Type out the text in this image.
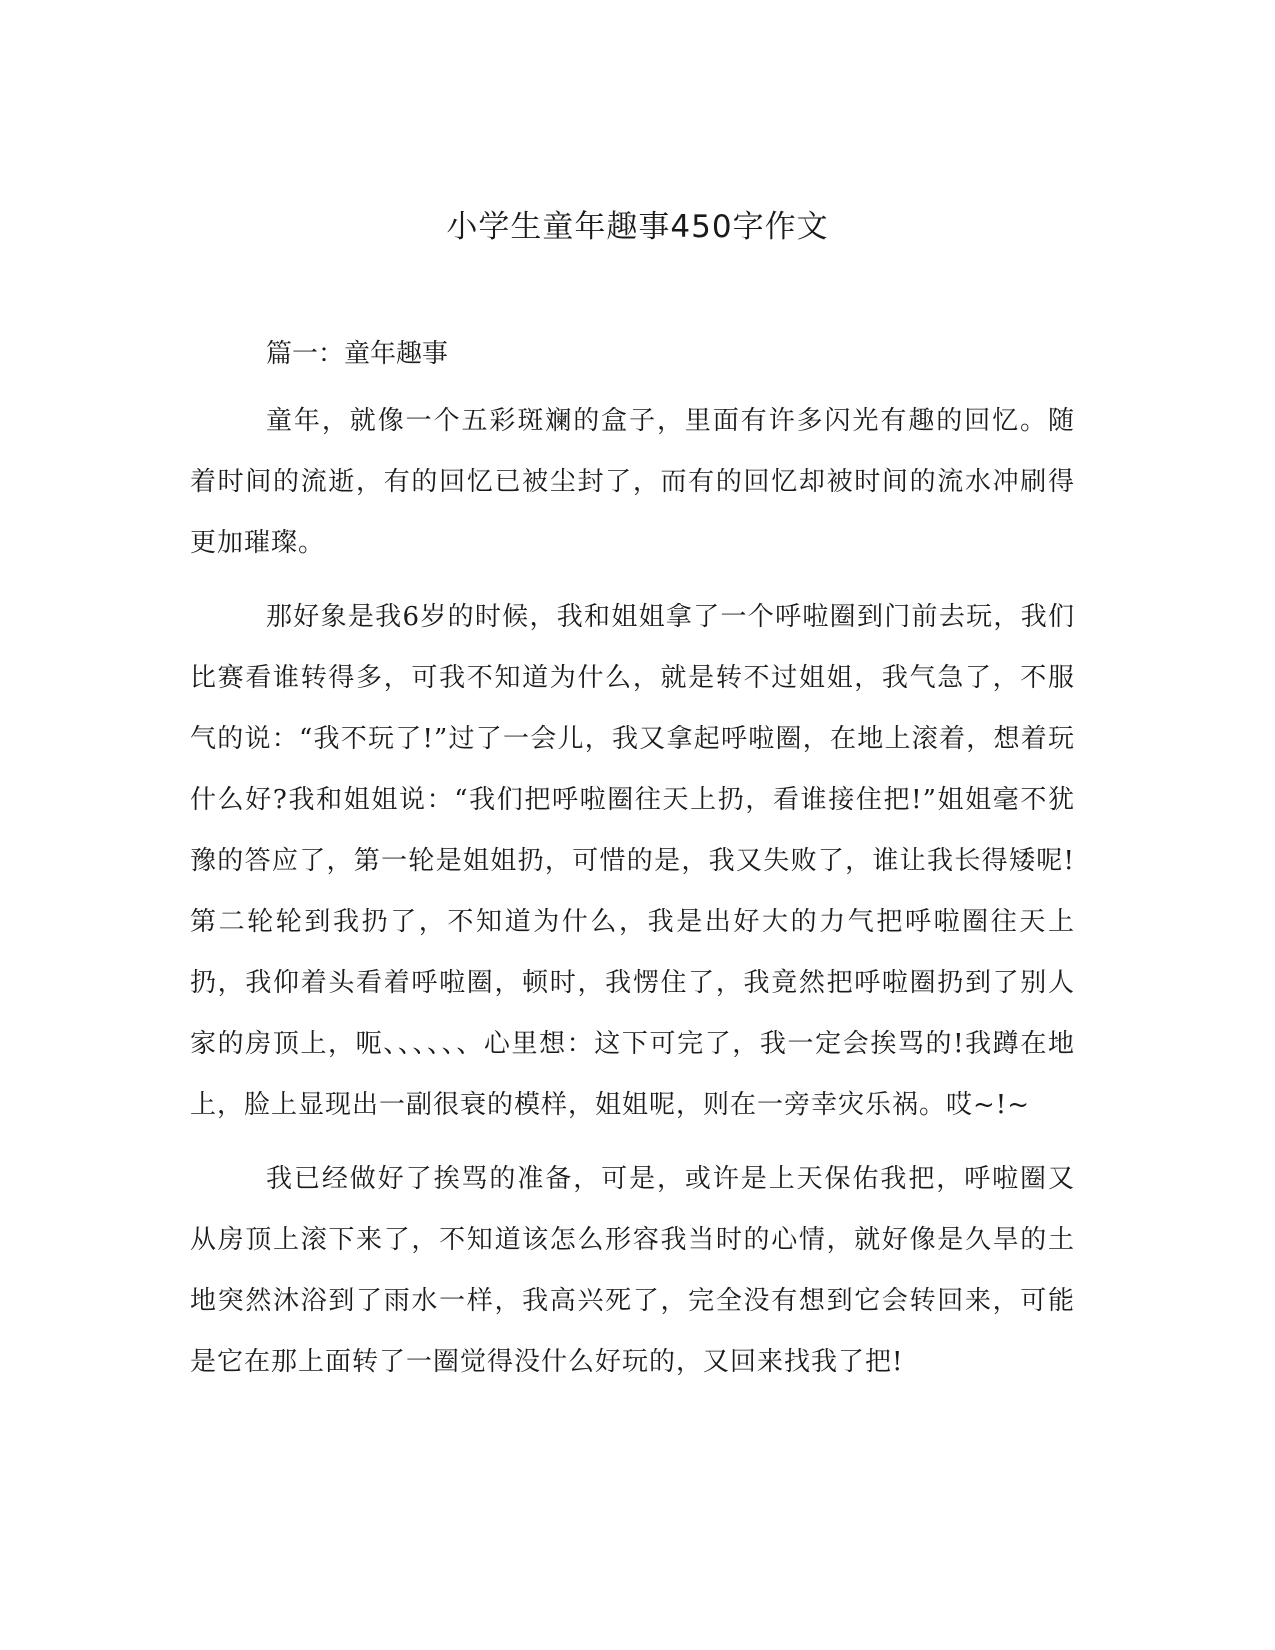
小学生童年趣事450字作文
篇一：童年趣事

童年，就像一个五彩斑斓的盒子，里面有许多闪光有趣的回忆。随着时间的流逝，有的回忆已被尘封了，而有的回忆却被时间的流水冲刷得更加璀璨。

那好象是我6岁的时候，我和姐姐拿了一个呼啦圈到门前去玩，我们比赛看谁转得多，可我不知道为什么，就是转不过姐姐，我气急了，不服气的说：“我不玩了!”过了一会儿，我又拿起呼啦圈，在地上滚着，想着玩什么好?我和姐姐说：“我们把呼啦圈往天上扔，看谁接住把!”姐姐毫不犹豫的答应了，第一轮是姐姐扔，可惜的是，我又失败了，谁让我长得矮呢!第二轮轮到我扔了，不知道为什么，我是出好大的力气把呼啦圈往天上扔，我仰着头看着呼啦圈，顿时，我愣住了，我竟然把呼啦圈扔到了别人家的房顶上，呃、、、、、、心里想：这下可完了，我一定会挨骂的!我蹲在地上，脸上显现出一副很衰的模样，姐姐呢，则在一旁幸灾乐祸。哎~!~

我已经做好了挨骂的准备，可是，或许是上天保佑我把，呼啦圈又从房顶上滚下来了，不知道该怎么形容我当时的心情，就好像是久旱的土地突然沐浴到了雨水一样，我高兴死了，完全没有想到它会转回来，可能是它在那上面转了一圈觉得没什么好玩的，又回来找我了把!
